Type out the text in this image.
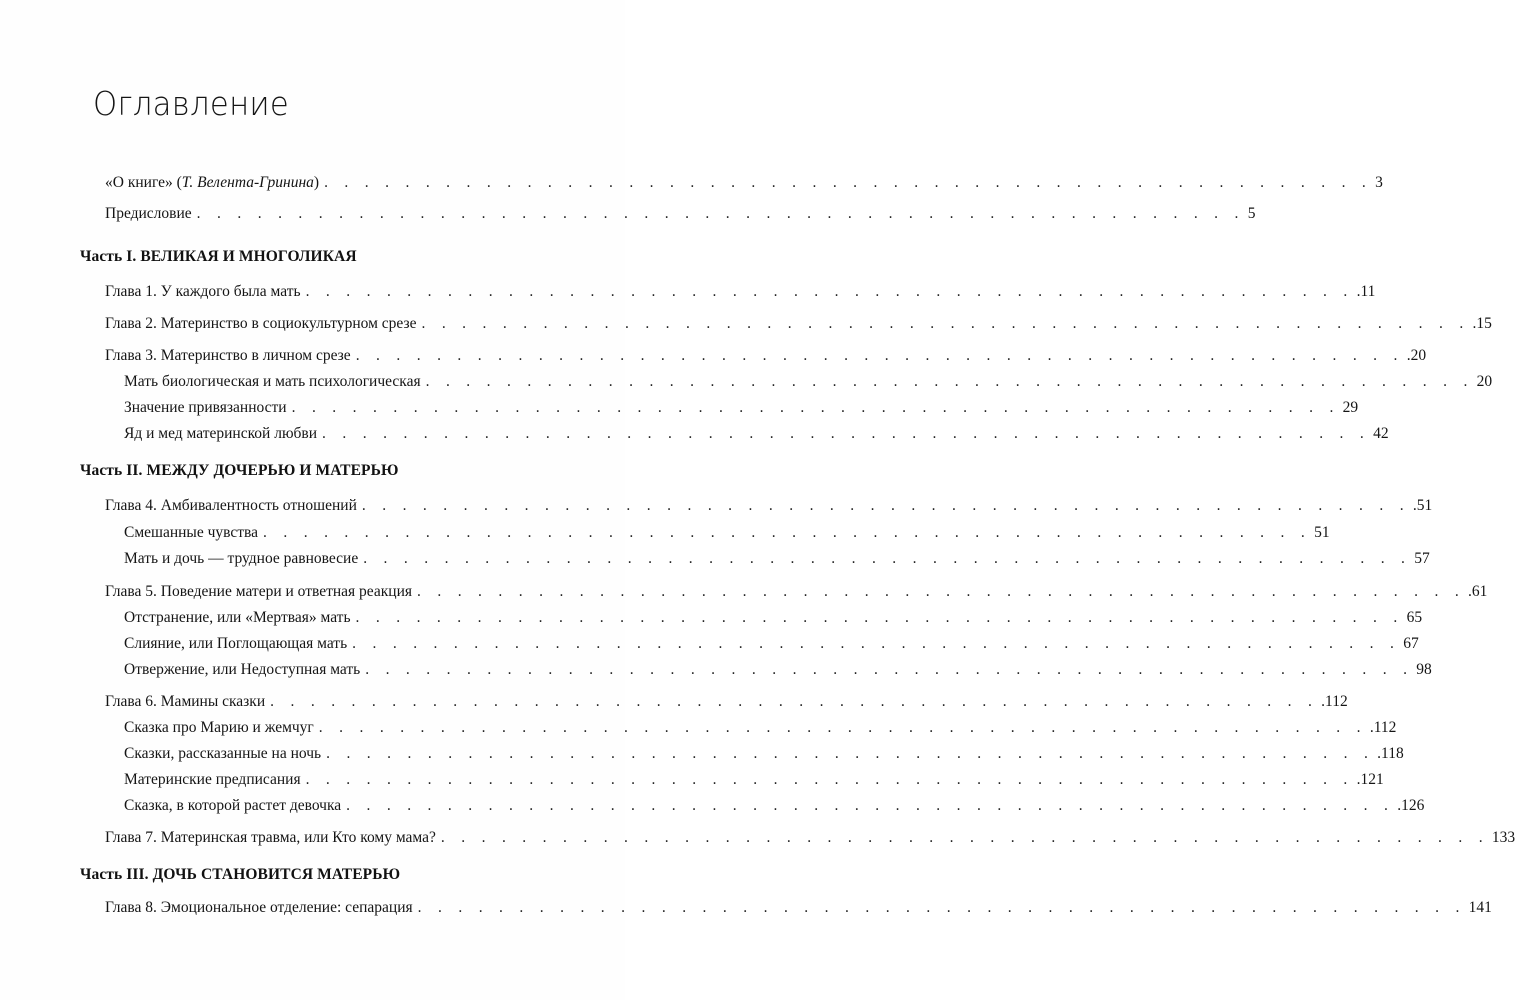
Оглавление
«О книге» (Т. Велента-Гринина) . . . . . . . . . . . . . . . . . . . . . . . . . . . . . . . . . . . . . . . . . . . . . . . . . . . . 3
Предисловие . . . . . . . . . . . . . . . . . . . . . . . . . . . . . . . . . . . . . . . . . . . . . . . . . . . . 5
Часть I. ВЕЛИКАЯ И МНОГОЛИКАЯ
Глава 1. У каждого была мать . . . . . . . . . . . . . . . . . . . . . . . . . . . . . . . . . . . . . . . . . . . . . . . . . . . . .11
Глава 2. Материнство в социокультурном срезе . . . . . . . . . . . . . . . . . . . . . . . . . . . . . . . . . . . . . . . . . . . . . . . . . . . . .15
Глава 3. Материнство в личном срезе . . . . . . . . . . . . . . . . . . . . . . . . . . . . . . . . . . . . . . . . . . . . . . . . . . . . .20
Мать биологическая и мать психологическая . . . . . . . . . . . . . . . . . . . . . . . . . . . . . . . . . . . . . . . . . . . . . . . . . . . . 20
Значение привязанности . . . . . . . . . . . . . . . . . . . . . . . . . . . . . . . . . . . . . . . . . . . . . . . . . . . . 29
Яд и мед материнской любви . . . . . . . . . . . . . . . . . . . . . . . . . . . . . . . . . . . . . . . . . . . . . . . . . . . . 42
Часть II. МЕЖДУ ДОЧЕРЬЮ И МАТЕРЬЮ
Глава 4. Амбивалентность отношений . . . . . . . . . . . . . . . . . . . . . . . . . . . . . . . . . . . . . . . . . . . . . . . . . . . . .51
Смешанные чувства . . . . . . . . . . . . . . . . . . . . . . . . . . . . . . . . . . . . . . . . . . . . . . . . . . . . 51
Мать и дочь — трудное равновесие . . . . . . . . . . . . . . . . . . . . . . . . . . . . . . . . . . . . . . . . . . . . . . . . . . . . 57
Глава 5. Поведение матери и ответная реакция . . . . . . . . . . . . . . . . . . . . . . . . . . . . . . . . . . . . . . . . . . . . . . . . . . . . .61
Отстранение, или «Мертвая» мать . . . . . . . . . . . . . . . . . . . . . . . . . . . . . . . . . . . . . . . . . . . . . . . . . . . . 65
Слияние, или Поглощающая мать . . . . . . . . . . . . . . . . . . . . . . . . . . . . . . . . . . . . . . . . . . . . . . . . . . . . 67
Отвержение, или Недоступная мать . . . . . . . . . . . . . . . . . . . . . . . . . . . . . . . . . . . . . . . . . . . . . . . . . . . . 98
Глава 6. Мамины сказки . . . . . . . . . . . . . . . . . . . . . . . . . . . . . . . . . . . . . . . . . . . . . . . . . . . . .112
Сказка про Марию и жемчуг . . . . . . . . . . . . . . . . . . . . . . . . . . . . . . . . . . . . . . . . . . . . . . . . . . . . .112
Сказки, рассказанные на ночь . . . . . . . . . . . . . . . . . . . . . . . . . . . . . . . . . . . . . . . . . . . . . . . . . . . . .118
Материнские предписания . . . . . . . . . . . . . . . . . . . . . . . . . . . . . . . . . . . . . . . . . . . . . . . . . . . . .121
Сказка, в которой растет девочка . . . . . . . . . . . . . . . . . . . . . . . . . . . . . . . . . . . . . . . . . . . . . . . . . . . . .126
Глава 7. Материнская травма, или Кто кому мама? . . . . . . . . . . . . . . . . . . . . . . . . . . . . . . . . . . . . . . . . . . . . . . . . . . . . 133
Часть III. ДОЧЬ СТАНОВИТСЯ МАТЕРЬЮ
Глава 8. Эмоциональное отделение: сепарация . . . . . . . . . . . . . . . . . . . . . . . . . . . . . . . . . . . . . . . . . . . . . . . . . . . . 141
